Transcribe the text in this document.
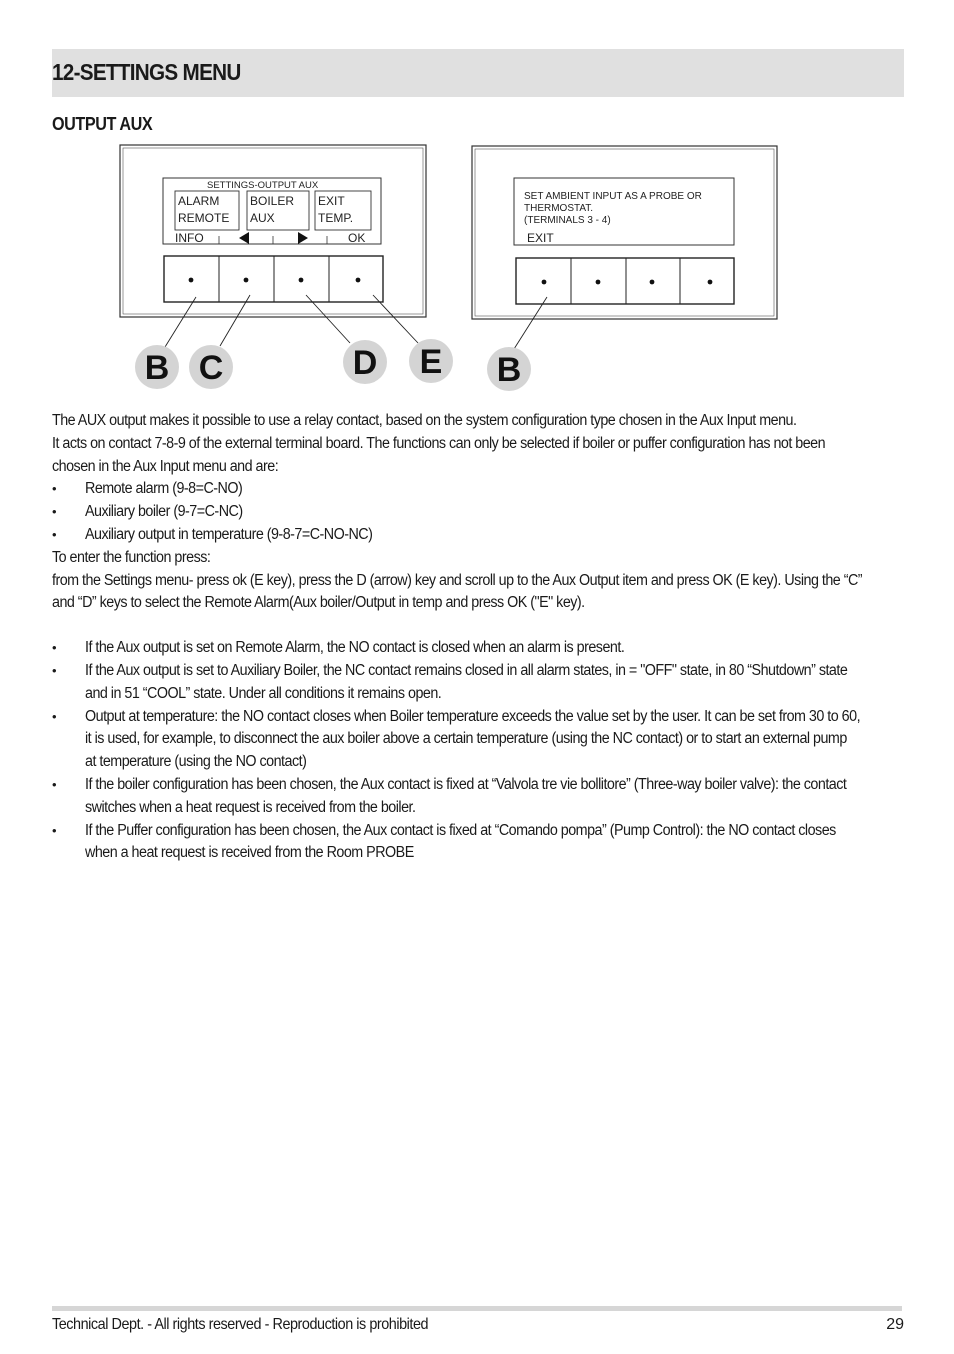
12-SETTINGS MENU
OUTPUT AUX
SETTINGS-OUTPUT AUX
ALARM
REMOTE
BOILER
AUX
EXIT
TEMP.
INFO	OK
SET AMBIENT INPUT AS A PROBE OR
THERMOSTAT.
(TERMINALS 3 - 4)
EXIT
B C	D E B

The AUX output makes it possible to use a relay contact, based on the system configuration type chosen in the Aux Input menu.

It acts on contact 7-8-9 of the external terminal board. The functions can only be selected if boiler or puffer configuration has not been
chosen in the Aux Input menu and are:

• Remote alarm (9-8=C-NO)

• Auxiliary boiler (9-7=C-NC)

• Auxiliary output in temperature (9-8-7=C-NO-NC)

To enter the function press:

from the Settings menu- press ok (E key), press the D (arrow) key and scroll up to the Aux Output item and press OK (E key). Using the “C”
and “D” keys to select the Remote Alarm(Aux boiler/Output in temp and press OK ("E" key).

• If the Aux output is set on Remote Alarm, the NO contact is closed when an alarm is present.

• If the Aux output is set to Auxiliary Boiler, the NC contact remains closed in all alarm states, in = "OFF" state, in 80 “Shutdown” state
and in 51 “COOL” state. Under all conditions it remains open.

• Output at temperature: the NO contact closes when Boiler temperature exceeds the value set by the user. It can be set from 30 to 60,
it is used, for example, to disconnect the aux boiler above a certain temperature (using the NC contact) or to start an external pump
at temperature (using the NO contact)

• If the boiler configuration has been chosen, the Aux contact is fixed at “Valvola tre vie bollitore” (Three-way boiler valve): the contact
switches when a heat request is received from the boiler.

• If the Puffer configuration has been chosen, the Aux contact is fixed at “Comando pompa” (Pump Control): the NO contact closes
when a heat request is received from the Room PROBE

Technical Dept. - All rights reserved - Reproduction is prohibited	29
